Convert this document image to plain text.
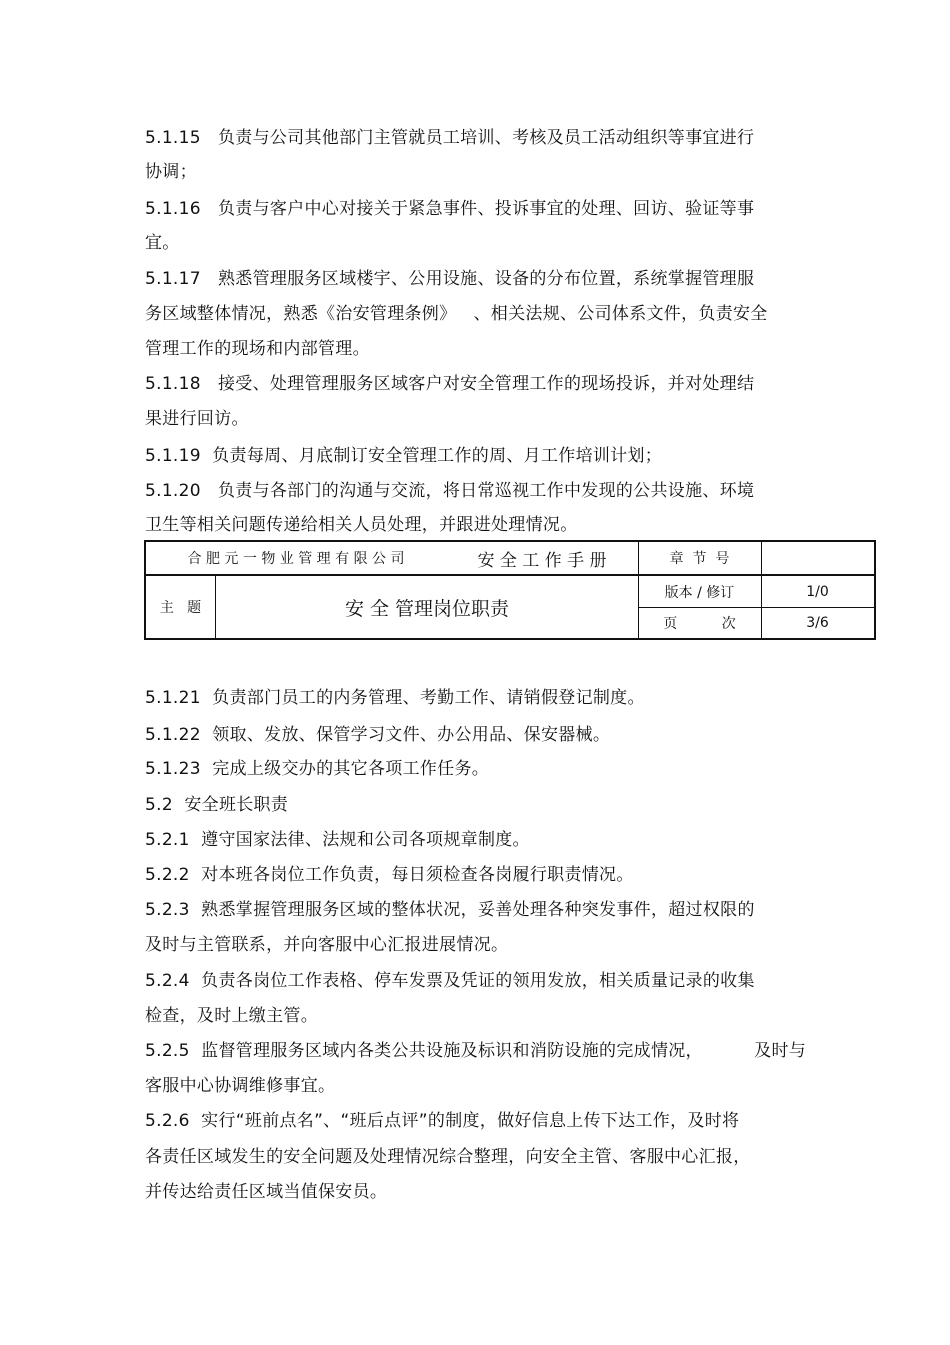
5.1.15   负责与公司其他部门主管就员工培训、考核及员工活动组织等事宜进行
协调；
5.1.16   负责与客户中心对接关于紧急事件、投诉事宜的处理、回访、验证等事
宜。
5.1.17   熟悉管理服务区域楼宇、公用设施、设备的分布位置，系统掌握管理服
务区域整体情况，熟悉《治安管理条例》   、相关法规、公司体系文件，负责安全
管理工作的现场和内部管理。
5.1.18   接受、处理管理服务区域客户对安全管理工作的现场投诉，并对处理结
果进行回访。
5.1.19  负责每周、月底制订安全管理工作的周、月工作培训计划；
5.1.20   负责与各部门的沟通与交流，将日常巡视工作中发现的公共设施、环境
卫生等相关问题传递给相关人员处理，并跟进处理情况。
合 肥 元 一 物 业 管 理 有 限 公 司	安 全 工 作 手 册	章  节  号
主   题	安 全 管理岗位职责
版本 / 修订	1/0
页          次	3/6
5.1.21  负责部门员工的内务管理、考勤工作、请销假登记制度。
5.1.22  领取、发放、保管学习文件、办公用品、保安器械。
5.1.23  完成上级交办的其它各项工作任务。
5.2  安全班长职责
5.2.1  遵守国家法律、法规和公司各项规章制度。
5.2.2  对本班各岗位工作负责，每日须检查各岗履行职责情况。
5.2.3  熟悉掌握管理服务区域的整体状况，妥善处理各种突发事件，超过权限的
及时与主管联系，并向客服中心汇报进展情况。
5.2.4  负责各岗位工作表格、停车发票及凭证的领用发放，相关质量记录的收集
检查，及时上缴主管。
5.2.5  监督管理服务区域内各类公共设施及标识和消防设施的完成情况，         及时与
客服中心协调维修事宜。
5.2.6  实行“班前点名”、“班后点评”的制度，做好信息上传下达工作，及时将
各责任区域发生的安全问题及处理情况综合整理，向安全主管、客服中心汇报，
并传达给责任区域当值保安员。
